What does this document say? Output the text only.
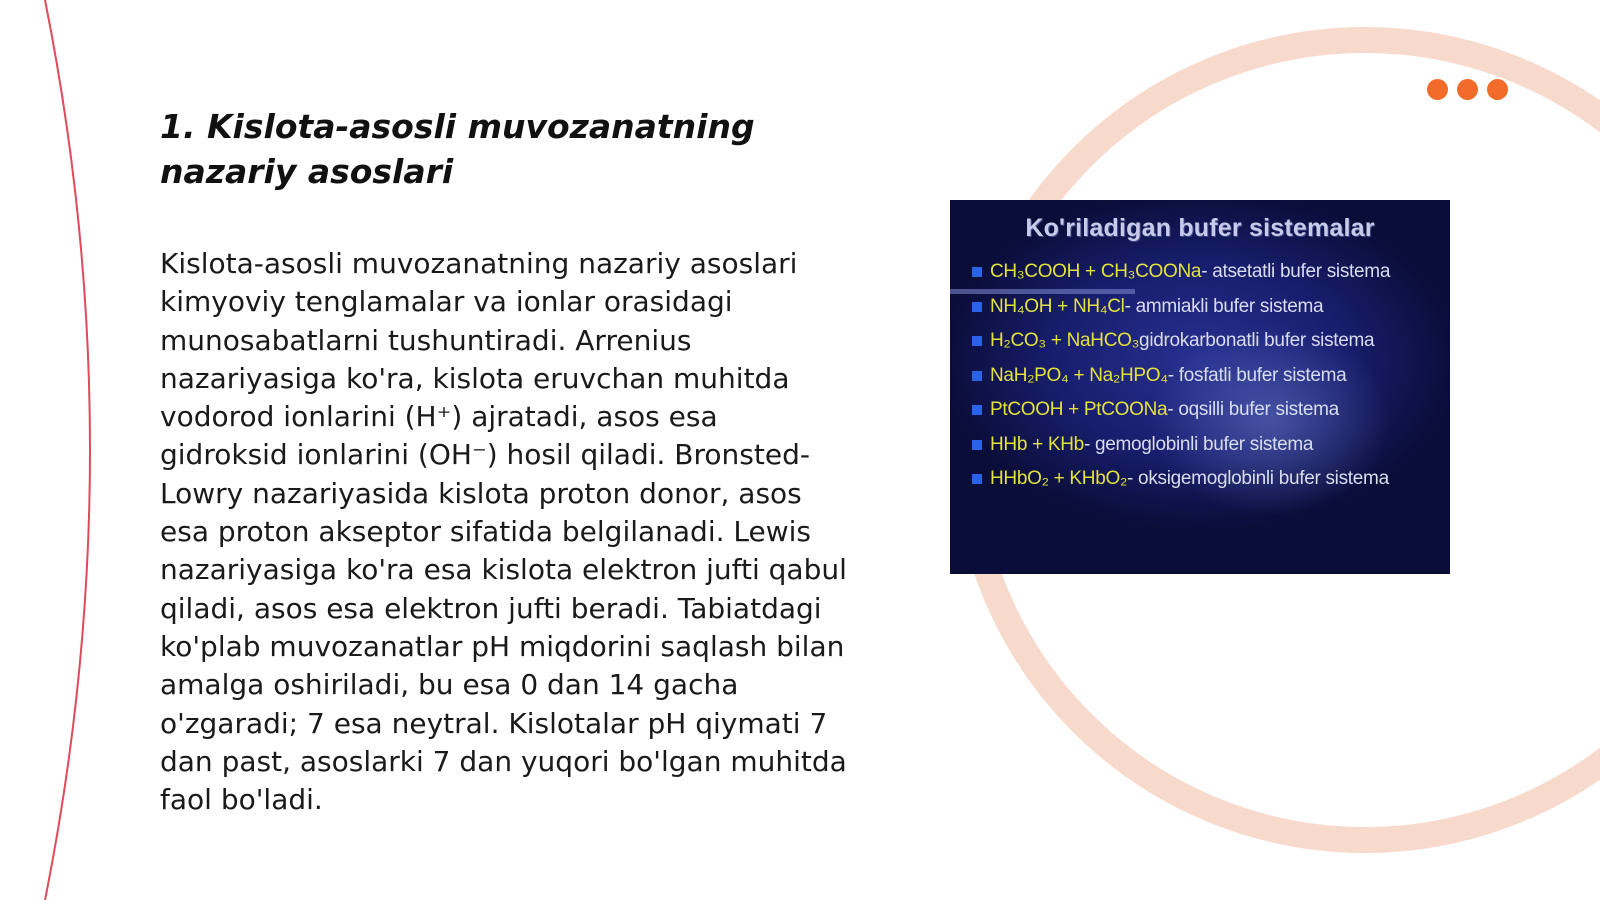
1. Kislota-asosli muvozanatning nazariy asoslari

Kislota-asosli muvozanatning nazariy asoslari kimyoviy tenglamalar va ionlar orasidagi munosabatlarni tushuntiradi. Arrenius nazariyasiga ko'ra, kislota eruvchan muhitda vodorod ionlarini (H⁺) ajratadi, asos esa gidroksid ionlarini (OH⁻) hosil qiladi. Bronsted-Lowry nazariyasida kislota proton donor, asos esa proton akseptor sifatida belgilanadi. Lewis nazariyasiga ko'ra esa kislota elektron jufti qabul qiladi, asos esa elektron jufti beradi. Tabiatdagi ko'plab muvozanatlar pH miqdorini saqlash bilan amalga oshiriladi, bu esa 0 dan 14 gacha o'zgaradi; 7 esa neytral. Kislotalar pH qiymati 7 dan past, asoslarki 7 dan yuqori bo'lgan muhitda faol bo'ladi.

Ko'riladigan bufer sistemalar
CH₃COOH + CH₃COONa - atsetatli bufer sistema
NH₄OH + NH₄Cl - ammiakli bufer sistema
H₂CO₃ + NaHCO₃ gidrokarbonatli bufer sistema
NaH₂PO₄ + Na₂HPO₄ - fosfatli bufer sistema
PtCOOH + PtCOONa - oqsilli bufer sistema
HHb + KHb - gemoglobinli bufer sistema
HHbO₂ + KHbO₂ - oksigemoglobinli bufer sistema
